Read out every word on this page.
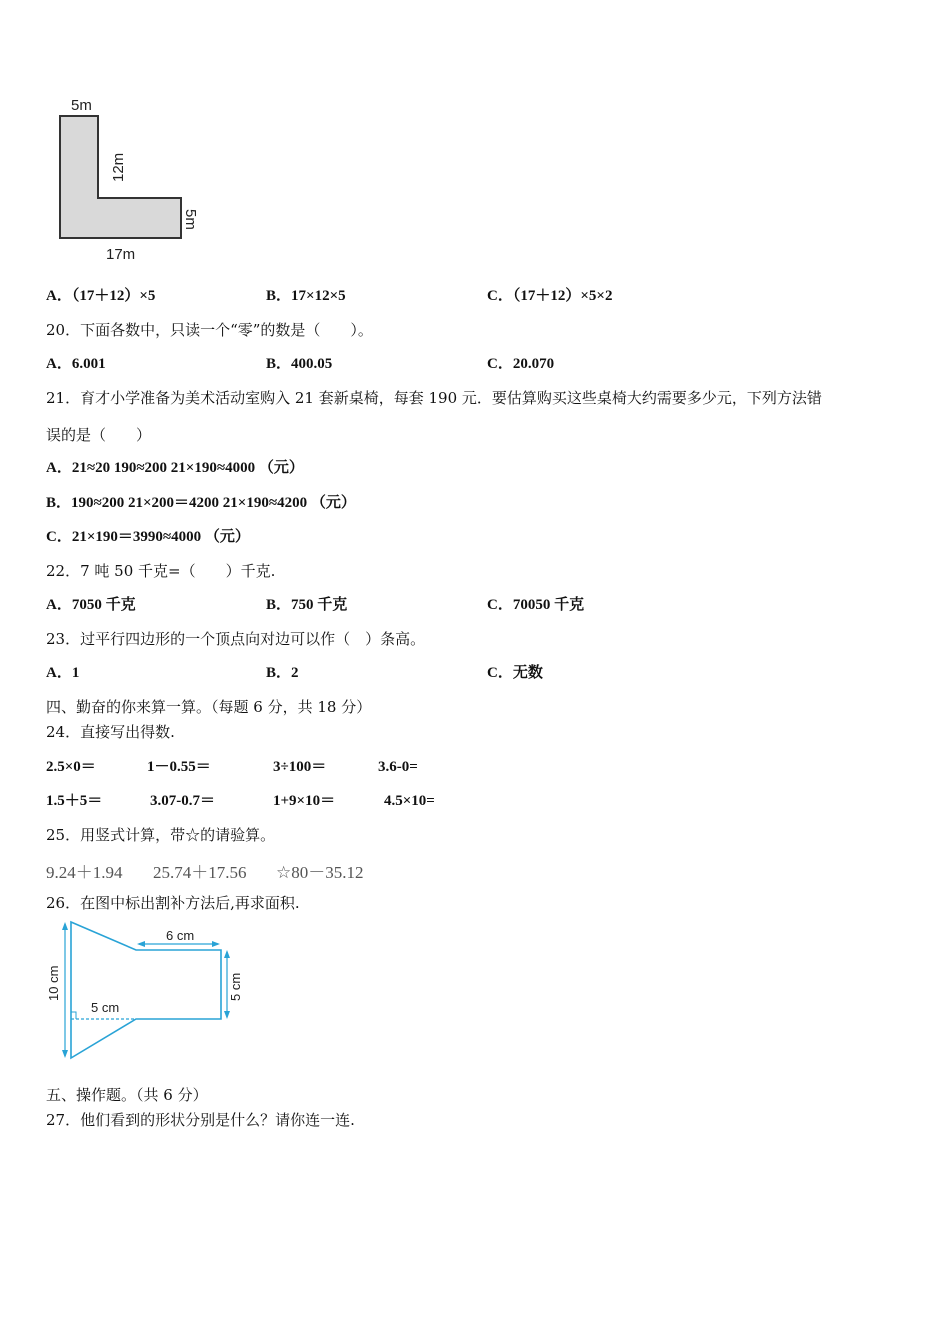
5m
12m
5m
17m
A．（17＋12）×5	B．17×12×5	C．（17＋12）×5×2
20．下面各数中，只读一个“零”的数是（　　）。
A．6.001	B．400.05	C．20.070
21．育才小学准备为美术活动室购入 21 套新桌椅，每套 190 元．要估算购买这些桌椅大约需要多少元，下列方法错
误的是（　　）
A．21≈20 190≈200 21×190≈4000 （元）
B．190≈200 21×200＝4200 21×190≈4200 （元）
C．21×190＝3990≈4000 （元）
22．7 吨 50 千克=（　　）千克.
A．7050 千克	B．750 千克	C．70050 千克
23．过平行四边形的一个顶点向对边可以作（　）条高。
A．1	B．2	C．无数
四、勤奋的你来算一算。（每题 6 分，共 18 分）
24．直接写出得数.
2.5×0＝	1－0.55＝	3÷100＝	3.6-0=
1.5＋5＝	3.07-0.7＝	1+9×10＝	4.5×10=
25．用竖式计算，带☆的请验算。
9.24＋1.94 25.74＋17.56 ☆80－35.12
26．在图中标出割补方法后,再求面积.
6 cm
5 cm
10 cm	5 cm
五、操作题。（共 6 分）
27．他们看到的形状分别是什么？请你连一连.
